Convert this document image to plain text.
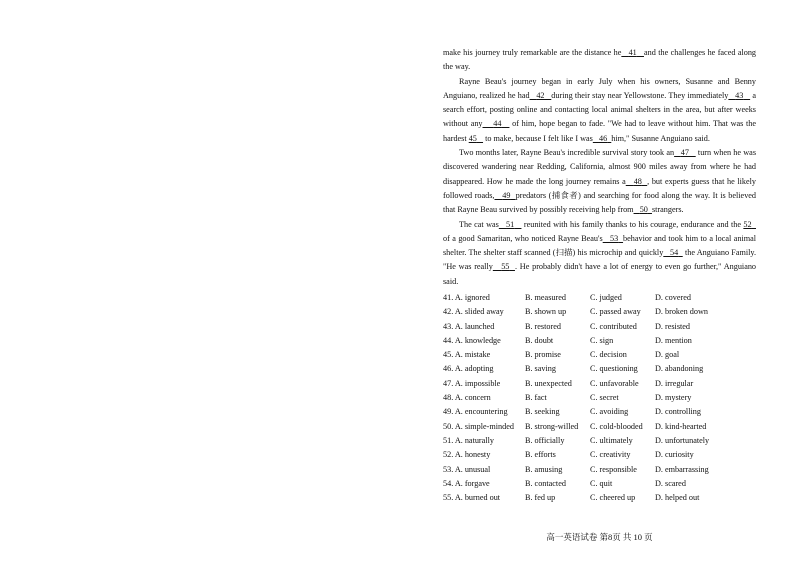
make his journey truly remarkable are the distance he 41 and the challenges he faced along the way.

Rayne Beau's journey began in early July when his owners, Susanne and Benny Anguiano, realized he had 42 during their stay near Yellowstone. They immediately 43 a search effort, posting online and contacting local animal shelters in the area, but after weeks without any 44 of him, hope began to fade. "We had to leave without him. That was the hardest 45 to make, because I felt like I was 46 him," Susanne Anguiano said.

Two months later, Rayne Beau's incredible survival story took an 47 turn when he was discovered wandering near Redding, California, almost 900 miles away from where he had disappeared. How he made the long journey remains a 48 , but experts guess that he likely followed roads, 49 predators (捕食者) and searching for food along the way. It is believed that Rayne Beau survived by possibly receiving help from 50 strangers.

The cat was 51 reunited with his family thanks to his courage, endurance and the 52   of a good Samaritan, who noticed Rayne Beau's 53 behavior and took him to a local animal shelter. The shelter staff scanned (扫描) his microchip and quickly 54 the Anguiano Family. "He was really 55 . He probably didn't have a lot of energy to even go further," Anguiano said.

41. A. ignored	B. measured	C. judged	D. covered
42. A. slided away	B. shown up	C. passed away	D. broken down
43. A. launched	B. restored	C. contributed	D. resisted
44. A. knowledge	B. doubt	C. sign	D. mention
45. A. mistake	B. promise	C. decision	D. goal
46. A. adopting	B. saving	C. questioning	D. abandoning
47. A. impossible	B. unexpected	C. unfavorable	D. irregular
48. A. concern	B. fact	C. secret	D. mystery
49. A. encountering	B. seeking	C. avoiding	D. controlling
50. A. simple-minded	B. strong-willed	C. cold-blooded	D. kind-hearted
51. A. naturally	B. officially	C. ultimately	D. unfortunately
52. A. honesty	B. efforts	C. creativity	D. curiosity
53. A. unusual	B. amusing	C. responsible	D. embarrassing
54. A. forgave	B. contacted	C. quit	D. scared
55. A. burned out	B. fed up	C. cheered up	D. helped out
高一英语试卷 第8页 共 10 页
